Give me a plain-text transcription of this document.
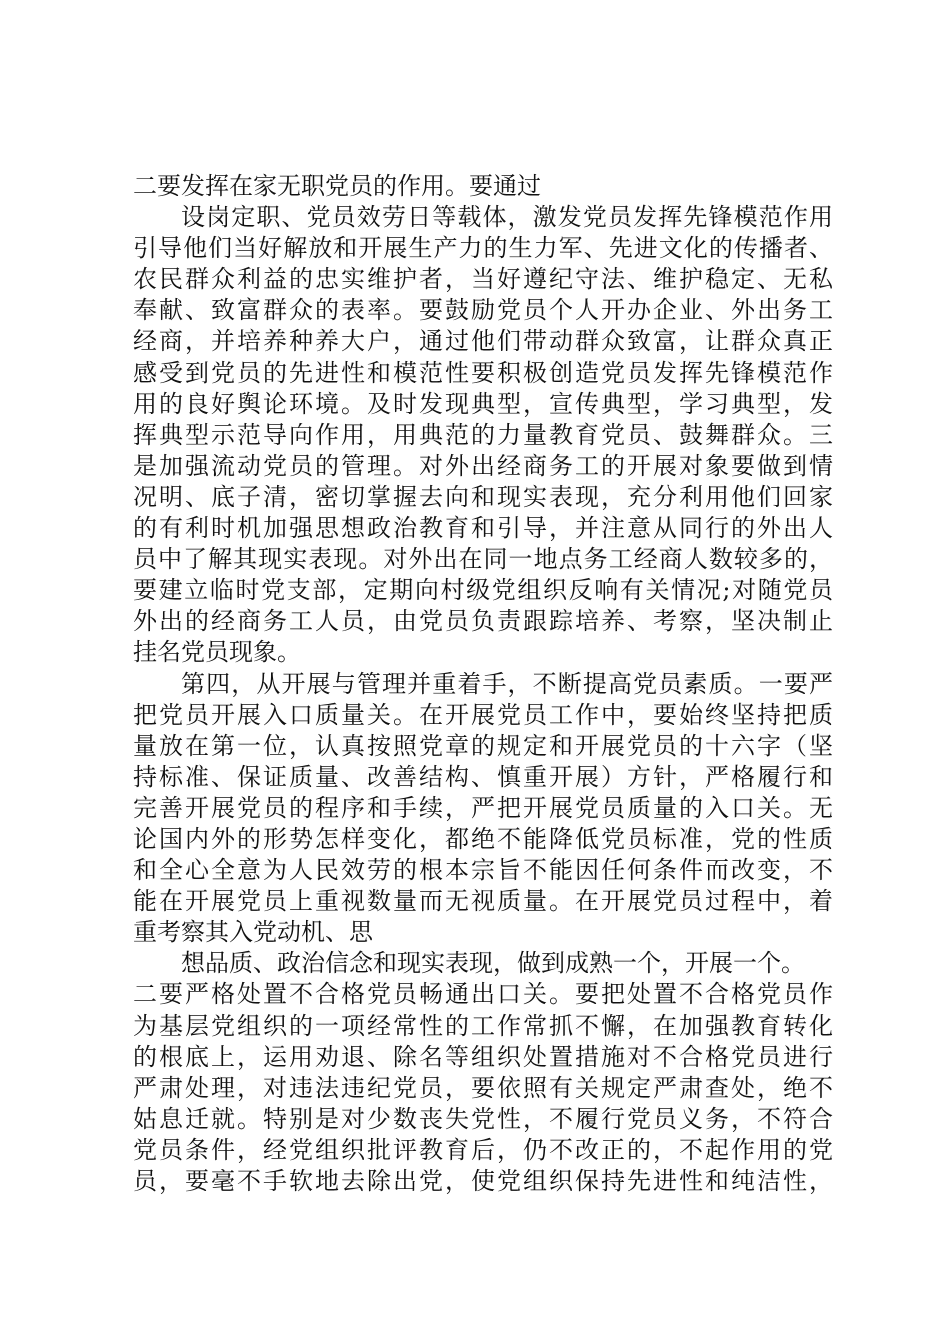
二要发挥在家无职党员的作用。要通过
设岗定职、党员效劳日等载体，激发党员发挥先锋模范作用
引导他们当好解放和开展生产力的生力军、先进文化的传播者、
农民群众利益的忠实维护者，当好遵纪守法、维护稳定、无私
奉献、致富群众的表率。要鼓励党员个人开办企业、外出务工
经商，并培养种养大户，通过他们带动群众致富，让群众真正
感受到党员的先进性和模范性要积极创造党员发挥先锋模范作
用的良好舆论环境。及时发现典型，宣传典型，学习典型，发
挥典型示范导向作用，用典范的力量教育党员、鼓舞群众。三
是加强流动党员的管理。对外出经商务工的开展对象要做到情
况明、底子清，密切掌握去向和现实表现，充分利用他们回家
的有利时机加强思想政治教育和引导，并注意从同行的外出人
员中了解其现实表现。对外出在同一地点务工经商人数较多的，
要建立临时党支部，定期向村级党组织反响有关情况;对随党员
外出的经商务工人员，由党员负责跟踪培养、考察，坚决制止
挂名党员现象。
第四，从开展与管理并重着手，不断提高党员素质。一要严
把党员开展入口质量关。在开展党员工作中，要始终坚持把质
量放在第一位，认真按照党章的规定和开展党员的十六字（坚
持标准、保证质量、改善结构、慎重开展）方针，严格履行和
完善开展党员的程序和手续，严把开展党员质量的入口关。无
论国内外的形势怎样变化，都绝不能降低党员标准，党的性质
和全心全意为人民效劳的根本宗旨不能因任何条件而改变，不
能在开展党员上重视数量而无视质量。在开展党员过程中，着
重考察其入党动机、思
想品质、政治信念和现实表现，做到成熟一个，开展一个。
二要严格处置不合格党员畅通出口关。要把处置不合格党员作
为基层党组织的一项经常性的工作常抓不懈，在加强教育转化
的根底上，运用劝退、除名等组织处置措施对不合格党员进行
严肃处理，对违法违纪党员，要依照有关规定严肃查处，绝不
姑息迁就。特别是对少数丧失党性，不履行党员义务，不符合
党员条件，经党组织批评教育后，仍不改正的，不起作用的党
员，要毫不手软地去除出党，使党组织保持先进性和纯洁性，
